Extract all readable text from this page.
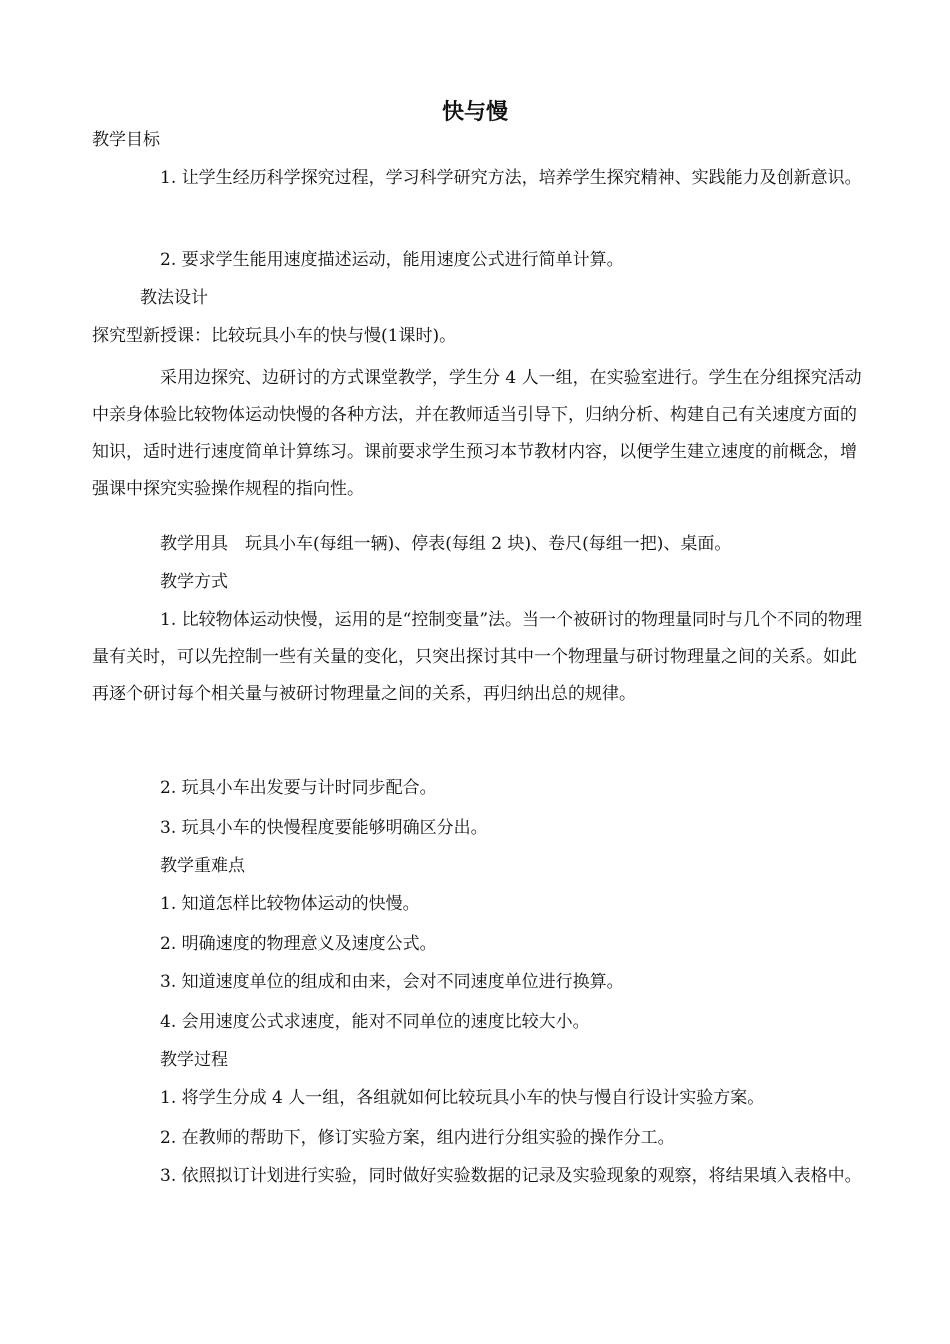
快与慢

教学目标

1. 让学生经历科学探究过程，学习科学研究方法，培养学生探究精神、实践能力及创新意识。

2. 要求学生能用速度描述运动，能用速度公式进行简单计算。

教法设计

探究型新授课：比较玩具小车的快与慢(1课时)。

采用边探究、边研讨的方式课堂教学，学生分 4 人一组，在实验室进行。学生在分组探究活动中亲身体验比较物体运动快慢的各种方法，并在教师适当引导下，归纳分析、构建自己有关速度方面的知识，适时进行速度简单计算练习。课前要求学生预习本节教材内容，以便学生建立速度的前概念，增强课中探究实验操作规程的指向性。

教学用具　玩具小车(每组一辆)、停表(每组 2 块)、卷尺(每组一把)、桌面。

教学方式

1. 比较物体运动快慢，运用的是“控制变量”法。当一个被研讨的物理量同时与几个不同的物理量有关时，可以先控制一些有关量的变化，只突出探讨其中一个物理量与研讨物理量之间的关系。如此再逐个研讨每个相关量与被研讨物理量之间的关系，再归纳出总的规律。

2. 玩具小车出发要与计时同步配合。

3. 玩具小车的快慢程度要能够明确区分出。

教学重难点

1. 知道怎样比较物体运动的快慢。

2. 明确速度的物理意义及速度公式。

3. 知道速度单位的组成和由来，会对不同速度单位进行换算。

4. 会用速度公式求速度，能对不同单位的速度比较大小。

教学过程

1. 将学生分成 4 人一组，各组就如何比较玩具小车的快与慢自行设计实验方案。

2. 在教师的帮助下，修订实验方案，组内进行分组实验的操作分工。

3. 依照拟订计划进行实验，同时做好实验数据的记录及实验现象的观察，将结果填入表格中。
